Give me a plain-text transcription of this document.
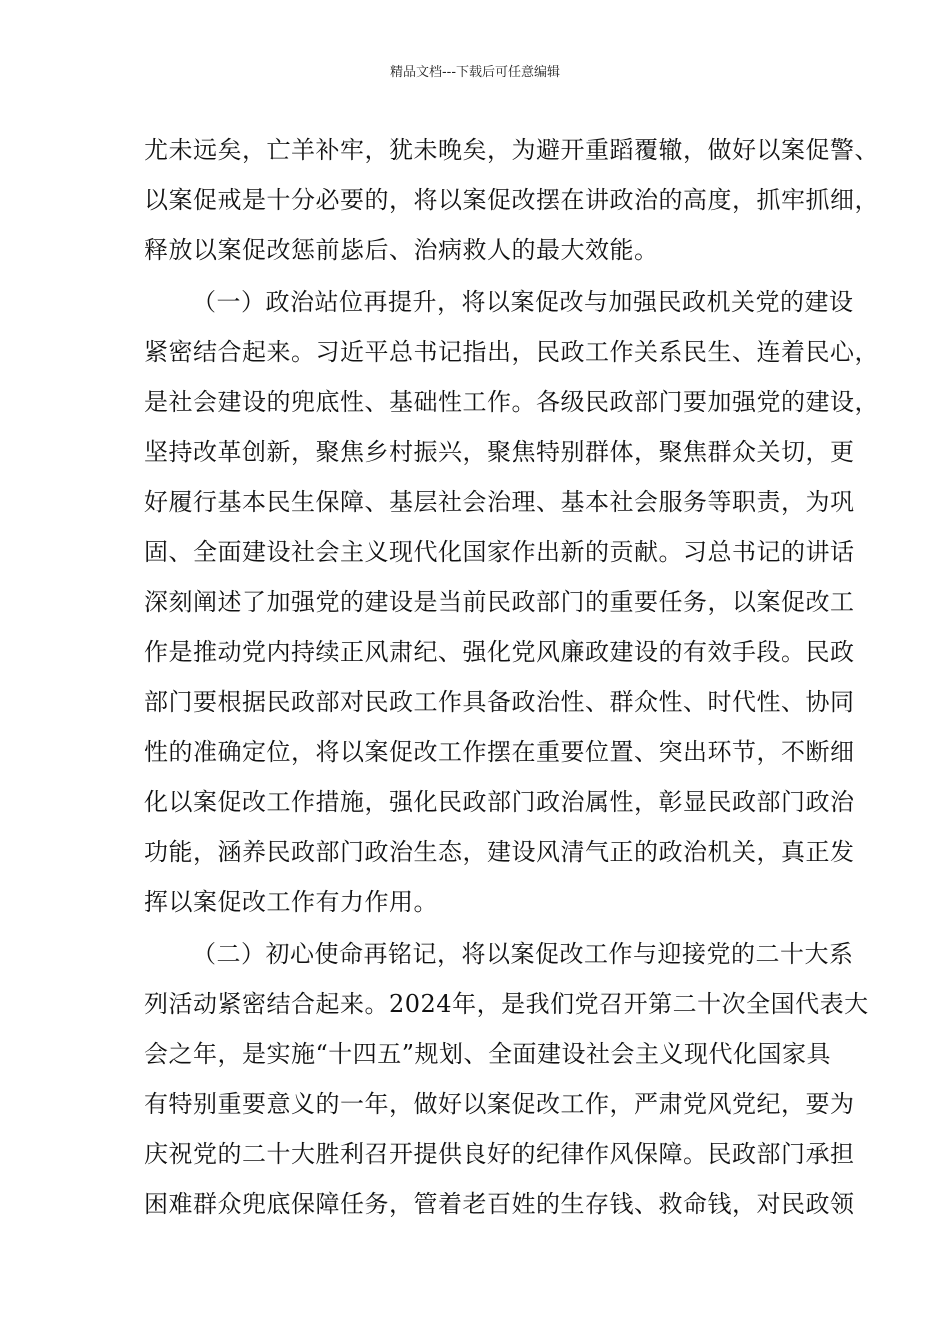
精品文档---下载后可任意编辑
尤未远矣，亡羊补牢，犹未晚矣，为避开重蹈覆辙，做好以案促警、
以案促戒是十分必要的，将以案促改摆在讲政治的高度，抓牢抓细，
释放以案促改惩前毖后、治病救人的最大效能。
（一）政治站位再提升，将以案促改与加强民政机关党的建设
紧密结合起来。习近平总书记指出，民政工作关系民生、连着民心，
是社会建设的兜底性、基础性工作。各级民政部门要加强党的建设，
坚持改革创新，聚焦乡村振兴，聚焦特别群体，聚焦群众关切，更
好履行基本民生保障、基层社会治理、基本社会服务等职责，为巩
固、全面建设社会主义现代化国家作出新的贡献。习总书记的讲话
深刻阐述了加强党的建设是当前民政部门的重要任务，以案促改工
作是推动党内持续正风肃纪、强化党风廉政建设的有效手段。民政
部门要根据民政部对民政工作具备政治性、群众性、时代性、协同
性的准确定位，将以案促改工作摆在重要位置、突出环节，不断细
化以案促改工作措施，强化民政部门政治属性，彰显民政部门政治
功能，涵养民政部门政治生态，建设风清气正的政治机关，真正发
挥以案促改工作有力作用。
（二）初心使命再铭记，将以案促改工作与迎接党的二十大系
列活动紧密结合起来。2024年，是我们党召开第二十次全国代表大
会之年，是实施“十四五”规划、全面建设社会主义现代化国家具
有特别重要意义的一年，做好以案促改工作，严肃党风党纪，要为
庆祝党的二十大胜利召开提供良好的纪律作风保障。民政部门承担
困难群众兜底保障任务，管着老百姓的生存钱、救命钱，对民政领
